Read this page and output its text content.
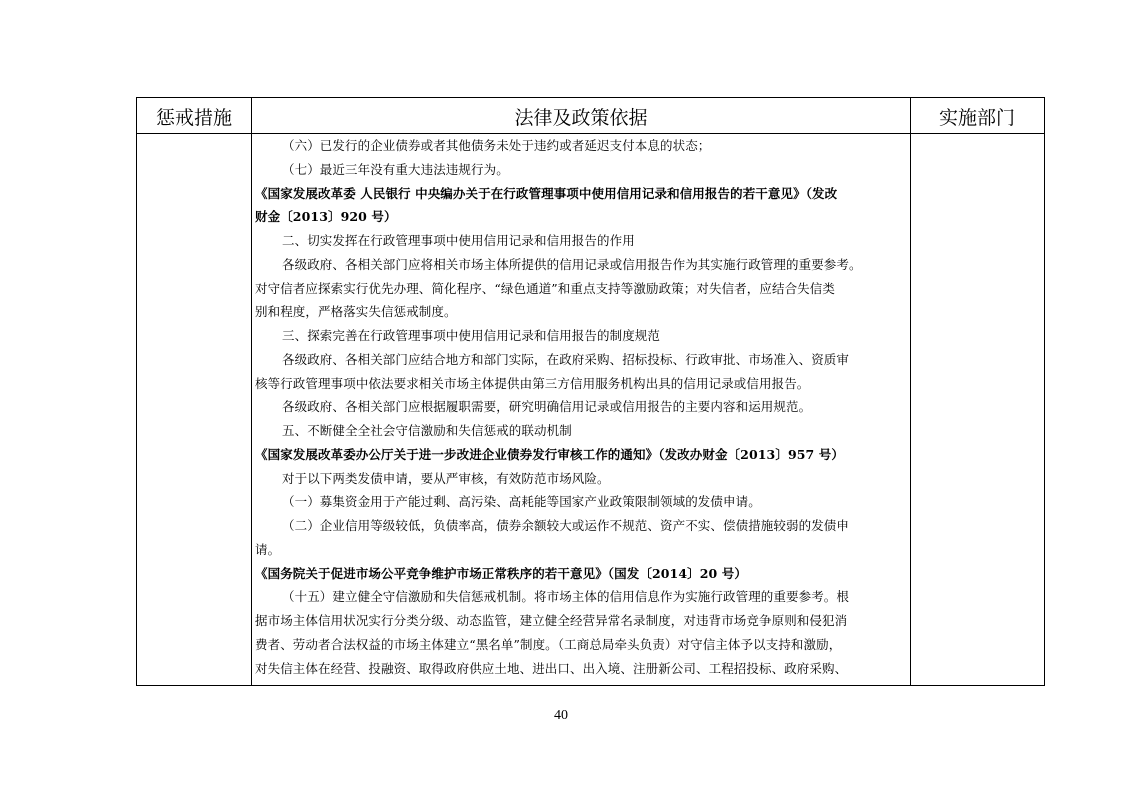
惩戒措施	法律及政策依据	实施部门
（六）已发行的企业债券或者其他债务未处于违约或者延迟支付本息的状态；
（七）最近三年没有重大违法违规行为。
《国家发展改革委 人民银行 中央编办关于在行政管理事项中使用信用记录和信用报告的若干意见》（发改
财金〔2013〕920 号）
二、切实发挥在行政管理事项中使用信用记录和信用报告的作用
各级政府、各相关部门应将相关市场主体所提供的信用记录或信用报告作为其实施行政管理的重要参考。
对守信者应探索实行优先办理、简化程序、“绿色通道”和重点支持等激励政策；对失信者，应结合失信类
别和程度，严格落实失信惩戒制度。
三、探索完善在行政管理事项中使用信用记录和信用报告的制度规范
各级政府、各相关部门应结合地方和部门实际，在政府采购、招标投标、行政审批、市场准入、资质审
核等行政管理事项中依法要求相关市场主体提供由第三方信用服务机构出具的信用记录或信用报告。
各级政府、各相关部门应根据履职需要，研究明确信用记录或信用报告的主要内容和运用规范。
五、不断健全全社会守信激励和失信惩戒的联动机制
《国家发展改革委办公厅关于进一步改进企业债券发行审核工作的通知》（发改办财金〔2013〕957 号）
对于以下两类发债申请，要从严审核，有效防范市场风险。
（一）募集资金用于产能过剩、高污染、高耗能等国家产业政策限制领域的发债申请。
（二）企业信用等级较低，负债率高，债券余额较大或运作不规范、资产不实、偿债措施较弱的发债申
请。
《国务院关于促进市场公平竞争维护市场正常秩序的若干意见》（国发〔2014〕20 号）
（十五）建立健全守信激励和失信惩戒机制。将市场主体的信用信息作为实施行政管理的重要参考。根
据市场主体信用状况实行分类分级、动态监管，建立健全经营异常名录制度，对违背市场竞争原则和侵犯消
费者、劳动者合法权益的市场主体建立“黑名单”制度。（工商总局牵头负责）对守信主体予以支持和激励，
对失信主体在经营、投融资、取得政府供应土地、进出口、出入境、注册新公司、工程招投标、政府采购、
40
